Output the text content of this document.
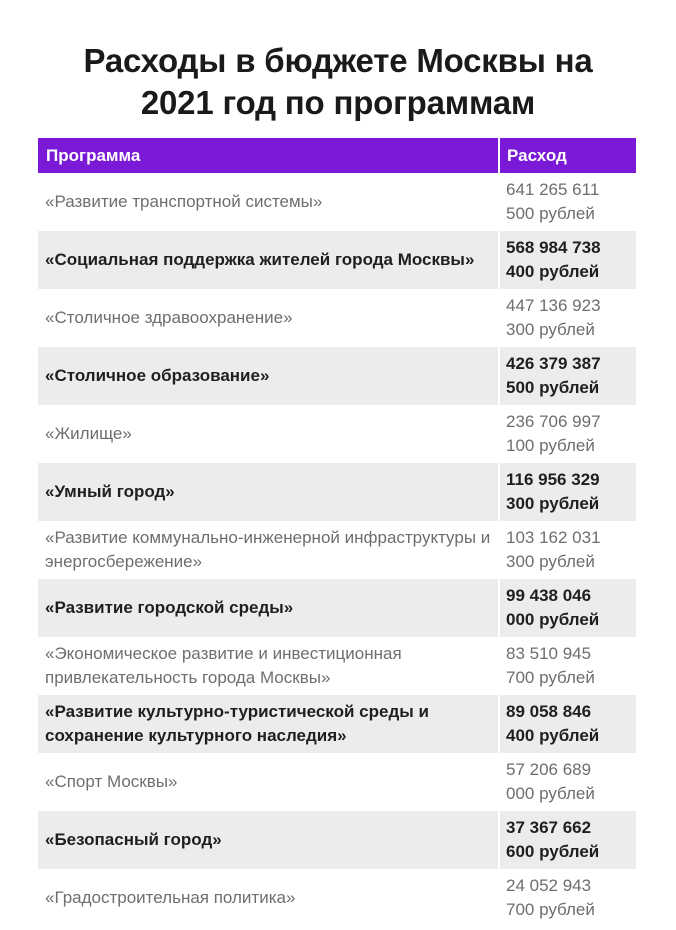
Расходы в бюджете Москвы на
2021 год по программам
Программа	Расход
«Развитие транспортной системы»	641 265 611
500 рублей

«Социальная поддержка жителей города Москвы»	568 984 738
400 рублей

«Столичное здравоохранение»	447 136 923
300 рублей

«Столичное образование»	426 379 387
500 рублей

«Жилище»	236 706 997
100 рублей

«Умный город»	116 956 329
300 рублей

«Развитие коммунально-инженерной инфраструктуры и энергосбережение»	103 162 031
300 рублей

«Развитие городской среды»	99 438 046
000 рублей

«Экономическое развитие и инвестиционная привлекательность города Москвы»	83 510 945
700 рублей

«Развитие культурно-туристической среды и сохранение культурного наследия»	89 058 846
400 рублей

«Спорт Москвы»	57 206 689
000 рублей

«Безопасный город»	37 367 662
600 рублей

«Градостроительная политика»	24 052 943
700 рублей
